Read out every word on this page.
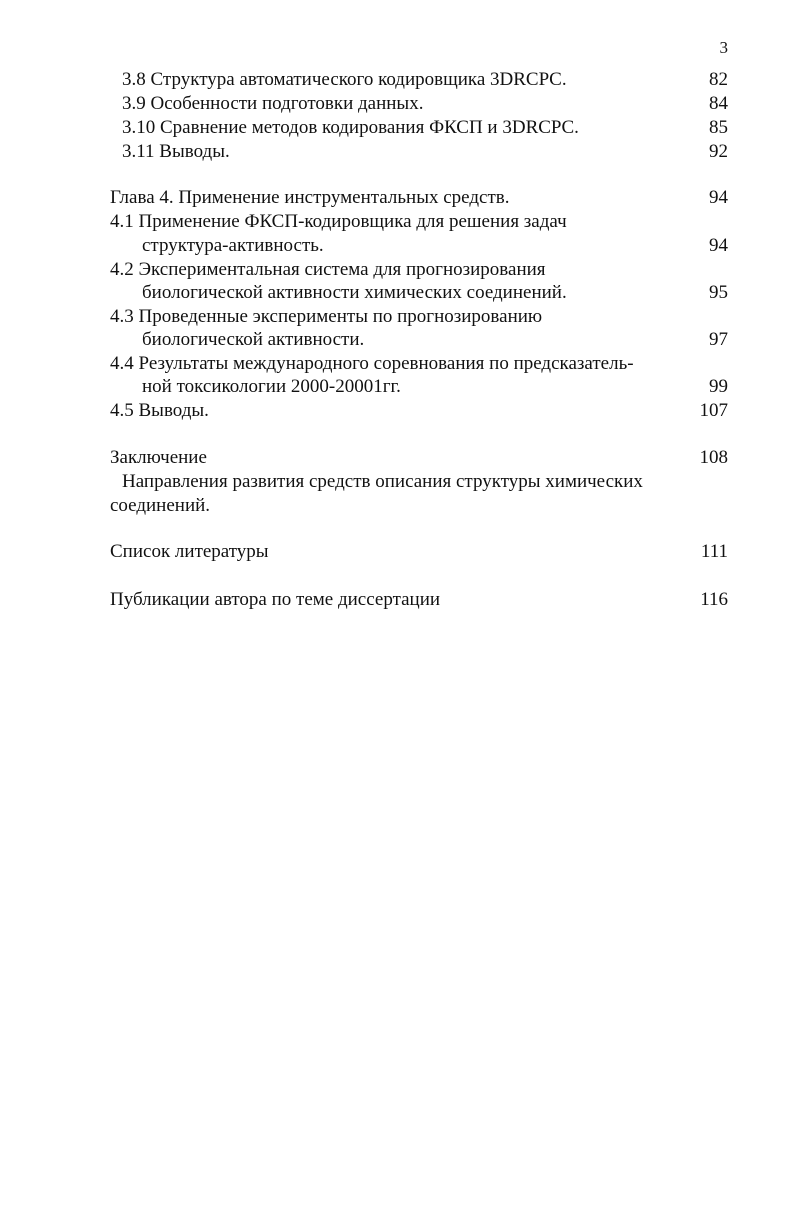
3
3.8 Структура автоматического кодировщика 3DRCPC.	82
3.9 Особенности подготовки данных.	84
3.10 Сравнение методов кодирования ФКСП и 3DRCPC.	85
3.11 Выводы.	92
Глава 4. Применение инструментальных средств.	94
4.1 Применение ФКСП-кодировщика для решения задач
структура-активность.	94
4.2 Экспериментальная система для прогнозирования
биологической активности химических соединений.	95
4.3 Проведенные эксперименты по прогнозированию
биологической активности.	97
4.4 Результаты международного соревнования по предсказатель-
ной токсикологии 2000-20001гг.	99
4.5 Выводы.	107
Заключение	108
Направления развития средств описания структуры химических
соединений.
Список литературы	111
Публикации автора по теме диссертации	116
